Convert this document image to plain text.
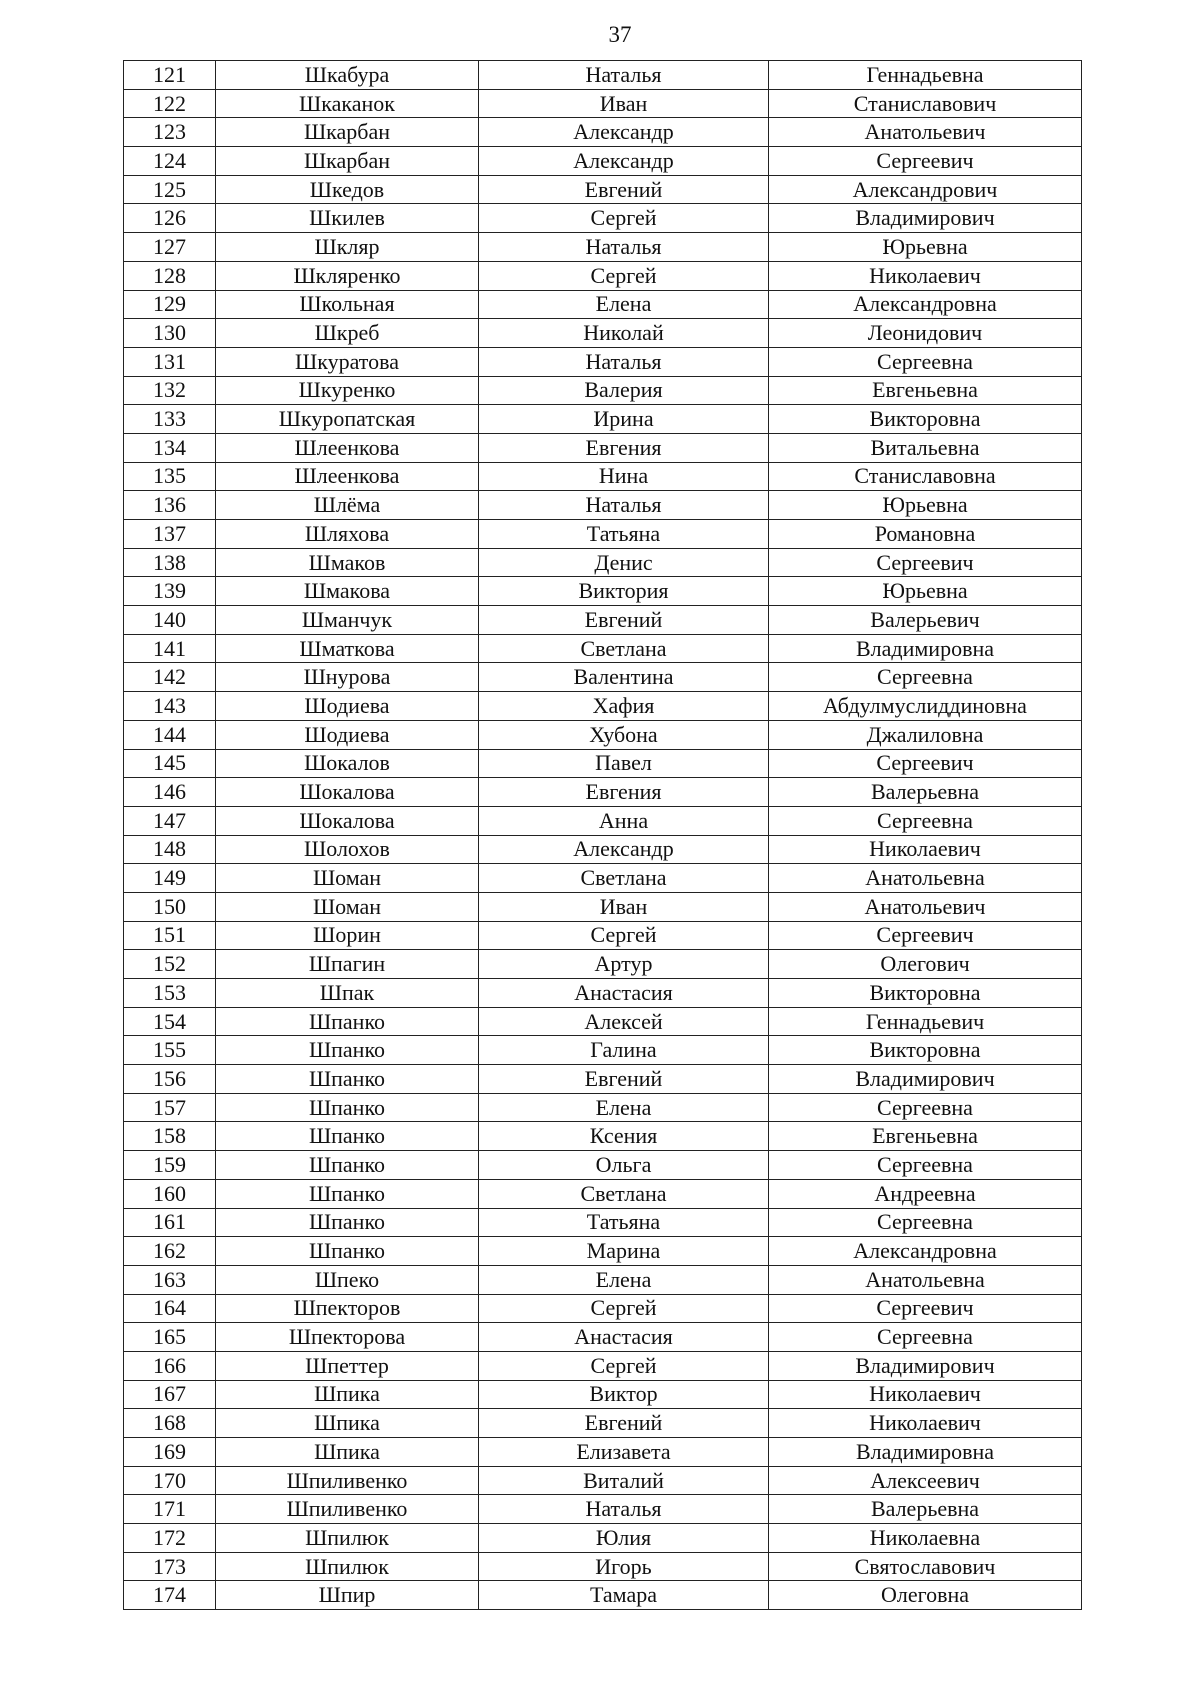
37
121	Шкабура	Наталья	Геннадьевна
122	Шкаканок	Иван	Станиславович
123	Шкарбан	Александр	Анатольевич
124	Шкарбан	Александр	Сергеевич
125	Шкедов	Евгений	Александрович
126	Шкилев	Сергей	Владимирович
127	Шкляр	Наталья	Юрьевна
128	Шкляренко	Сергей	Николаевич
129	Школьная	Елена	Александровна
130	Шкреб	Николай	Леонидович
131	Шкуратова	Наталья	Сергеевна
132	Шкуренко	Валерия	Евгеньевна
133	Шкуропатская	Ирина	Викторовна
134	Шлеенкова	Евгения	Витальевна
135	Шлеенкова	Нина	Станиславовна
136	Шлёма	Наталья	Юрьевна
137	Шляхова	Татьяна	Романовна
138	Шмаков	Денис	Сергеевич
139	Шмакова	Виктория	Юрьевна
140	Шманчук	Евгений	Валерьевич
141	Шматкова	Светлана	Владимировна
142	Шнурова	Валентина	Сергеевна
143	Шодиева	Хафия	Абдулмуслиддиновна
144	Шодиева	Хубона	Джалиловна
145	Шокалов	Павел	Сергеевич
146	Шокалова	Евгения	Валерьевна
147	Шокалова	Анна	Сергеевна
148	Шолохов	Александр	Николаевич
149	Шоман	Светлана	Анатольевна
150	Шоман	Иван	Анатольевич
151	Шорин	Сергей	Сергеевич
152	Шпагин	Артур	Олегович
153	Шпак	Анастасия	Викторовна
154	Шпанко	Алексей	Геннадьевич
155	Шпанко	Галина	Викторовна
156	Шпанко	Евгений	Владимирович
157	Шпанко	Елена	Сергеевна
158	Шпанко	Ксения	Евгеньевна
159	Шпанко	Ольга	Сергеевна
160	Шпанко	Светлана	Андреевна
161	Шпанко	Татьяна	Сергеевна
162	Шпанко	Марина	Александровна
163	Шпеко	Елена	Анатольевна
164	Шпекторов	Сергей	Сергеевич
165	Шпекторова	Анастасия	Сергеевна
166	Шпеттер	Сергей	Владимирович
167	Шпика	Виктор	Николаевич
168	Шпика	Евгений	Николаевич
169	Шпика	Елизавета	Владимировна
170	Шпиливенко	Виталий	Алексеевич
171	Шпиливенко	Наталья	Валерьевна
172	Шпилюк	Юлия	Николаевна
173	Шпилюк	Игорь	Святославович
174	Шпир	Тамара	Олеговна
